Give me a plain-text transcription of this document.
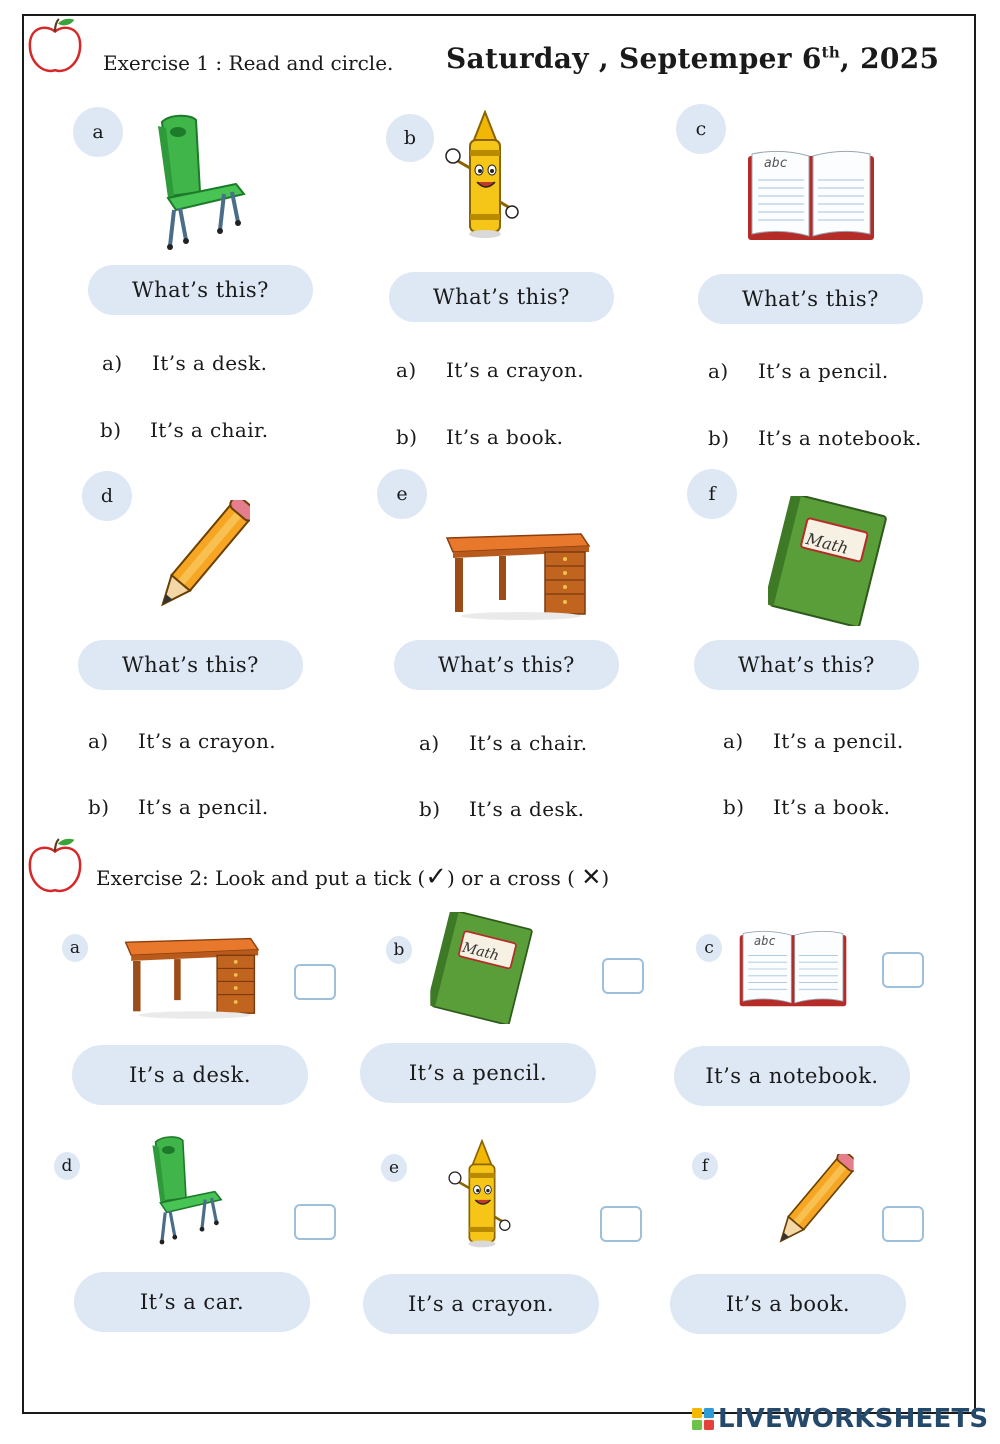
Exercise 1 : Read and circle. Saturday , Septemper 6th, 2025
a
What’s this?
a) It’s a desk.
b) It’s a chair.
b
What’s this?
a) It’s a crayon.
b) It’s a book.
c
abc
What’s this?
a) It’s a pencil.
b) It’s a notebook.
d
What’s this?
a) It’s a crayon.
b) It’s a pencil.
e
What’s this?
a) It’s a chair.
b) It’s a desk.
f
Math
What’s this?
a) It’s a pencil.
b) It’s a book.
Exercise 2: Look and put a tick (✓) or a cross ( ✕)
a
It’s a desk.
b	Math
It’s a pencil.
c	abc
It’s a notebook.
d
It’s a car.
e
It’s a crayon.
f
It’s a book.
LIVEWORKSHEETS
